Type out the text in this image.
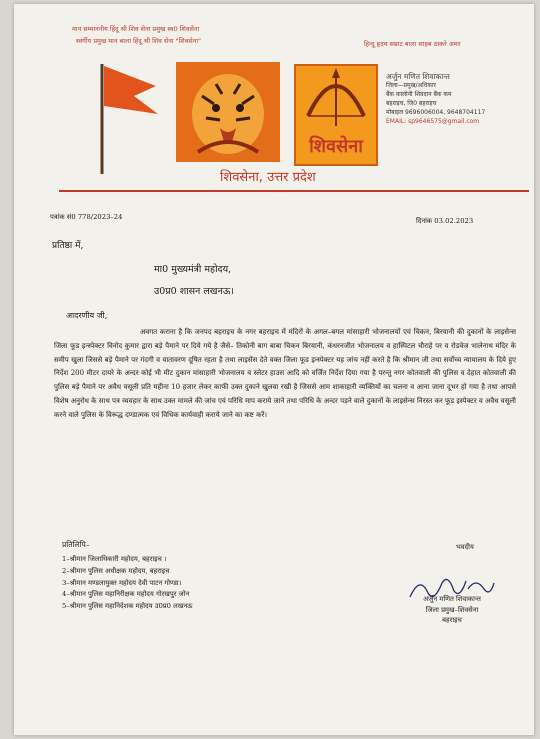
मान सम्माननीय हिंदू श्री शिव सेना प्रमुख स्व0 शिवसेना
स्वर्गीय प्रमुख मान बाला हिंदू श्री शिव सेना "शिवसेना"	हिन्दू हृदय सम्राट बाला साहब ठाकरे अमर
शिवसेना
अर्जुन मणित शिवाकान्त
जिला—प्रमुख/अधिकार
बैंक कालोनी शिवदान बैंक कम
बहराइच, जि0 बहराइच
मोबाइल 9696006004, 9648704117
EMAIL: sp9646575@gmail.com
शिवसेना, उत्तर प्रदेश
पत्रांक सं0 778/2023–24	दिनांक 03.02.2023
प्रतिष्ठा में,
मा0 मुख्यमंत्री महोदय,
उ0प्र0 शासन लखनऊ।
आदरणीय जी,
अवगत कराना है कि जनपद बहराइच के नगर बहराइच में मंदिरों के अगल–बगल मांसाहारी भोजनालयों एवं चिकन, बिरयानी की दुकानों के लाइसेन्स जिला फूड इन्स्पेक्टर विनोद कुमार द्वारा बड़े पैमाने पर दिये गये है जैसे– तिकोनी बाग बाबा चिकन बिरयानी, कंधरनजीत भोजनालय व हास्पिटल चौराहे पर व रोडवेज भालेनाथ मंदिर के समीप खुला जिससे बड़े पैमाने पर गंदगी व वातावरण दूषित रहता है तथा लाइसेंस देते वक्त जिला फूड इन्स्पेक्टर यह जांच नहीं करते है कि श्रीमान जी तथा सर्वोच्च न्यायालय के दिये हुए निर्देश 200 मीटर दायरे के अन्दर कोई भी मीट दुकान मांसाहारी भोजनालय व स्लेटर हाउस आदि को वर्जित निर्देश दिया गया है परन्तु नगर कोतवाली की पुलिस व देहात कोतवाली की पुलिस बड़े पैमाने पर अवैध वसूली प्रति महीना 10 हजार लेकर काफी उक्त दुकाने खुलवा रखी है जिससे आम शाकाहारी व्यक्तियों का चलना व आना जाना दूभर हो गया है तथा आपसे विशेष अनुरोध के साथ पत्र व्यवहार के साथ उक्त मामले की जांच एवं परिधि माप कराये जाने तथा परिधि के अन्दर पड़ने वाले दुकानों के लाइसेन्स निरस्त कर फूड इस्पेक्टर व अवैध वसूली करने वाले पुलिस के विरूद्ध दण्डात्मक एवं विधिक कार्यवाही कराये जाने का कष्ट करें।
प्रतिलिपि–
1–श्रीमान जिलाधिकारी महोदय, बहराइच ।
2–श्रीमान पुलिस अधीक्षक महोदय, बहराइच
3–श्रीमान मण्डलायुक्त महोदय देवी पाटन गोण्डा।
4–श्रीमान पुलिस महानिरीक्षक महोदय गोरखपुर जोन
5–श्रीमान पुलिस महानिदेशक महोदय उ0प्र0 लखनऊ
भवदीय
अर्जुन मणित शिवाकान्त
जिला प्रमुख–शिवसेना
बहराइच
